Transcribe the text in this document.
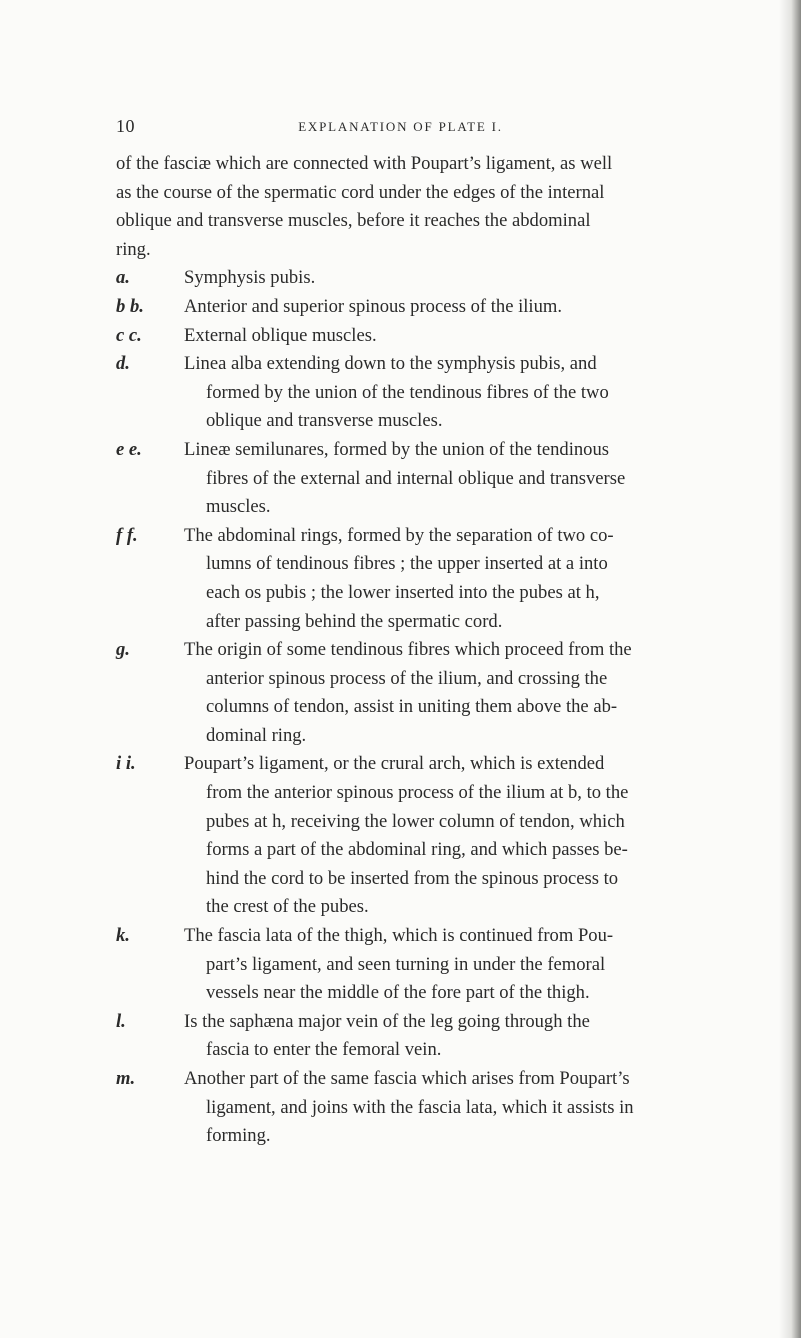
10	EXPLANATION OF PLATE I.
of the fasciæ which are connected with Poupart’s ligament, as well
as the course of the spermatic cord under the edges of the internal
oblique and transverse muscles, before it reaches the abdominal
ring.
a.	Symphysis pubis.
b b. Anterior and superior spinous process of the ilium.
c c. External oblique muscles.
d.	Linea alba extending down to the symphysis pubis, and
formed by the union of the tendinous fibres of the two
oblique and transverse muscles.
e e. Lineæ semilunares, formed by the union of the tendinous
fibres of the external and internal oblique and transverse
muscles.
f f. The abdominal rings, formed by the separation of two co-
lumns of tendinous fibres ; the upper inserted at a into
each os pubis ; the lower inserted into the pubes at h,
after passing behind the spermatic cord.
g.	The origin of some tendinous fibres which proceed from the
anterior spinous process of the ilium, and crossing the
columns of tendon, assist in uniting them above the ab-
dominal ring.
i i.	Poupart’s ligament, or the crural arch, which is extended
from the anterior spinous process of the ilium at b, to the
pubes at h, receiving the lower column of tendon, which
forms a part of the abdominal ring, and which passes be-
hind the cord to be inserted from the spinous process to
the crest of the pubes.
k.	The fascia lata of the thigh, which is continued from Pou-
part’s ligament, and seen turning in under the femoral
vessels near the middle of the fore part of the thigh.
l.	Is the saphæna major vein of the leg going through the
fascia to enter the femoral vein.
m.	Another part of the same fascia which arises from Poupart’s
ligament, and joins with the fascia lata, which it assists in
forming.
